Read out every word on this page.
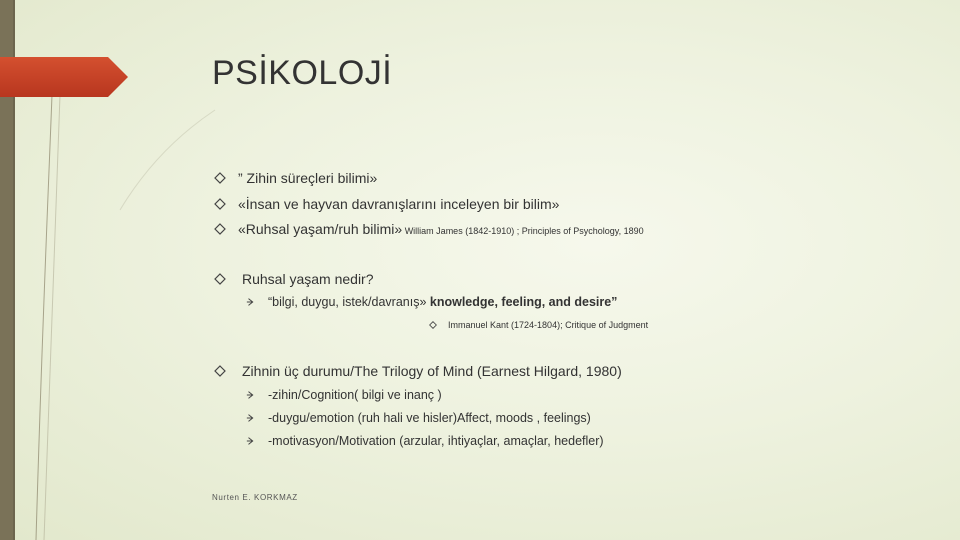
PSİKOLOJİ
” Zihin süreçleri bilimi»
«İnsan ve hayvan davranışlarını inceleyen bir bilim»
«Ruhsal yaşam/ruh bilimi» William James (1842-1910) ; Principles of Psychology, 1890
Ruhsal yaşam nedir?
“bilgi, duygu, istek/davranış» knowledge, feeling, and desire”
Immanuel Kant (1724-1804); Critique of Judgment
Zihnin üç durumu/The Trilogy of Mind (Earnest Hilgard, 1980)
-zihin/Cognition( bilgi ve inanç )
-duygu/emotion (ruh hali ve hisler)Affect, moods , feelings)
-motivasyon/Motivation (arzular, ihtiyaçlar, amaçlar, hedefler)
Nurten E. KORKMAZ
